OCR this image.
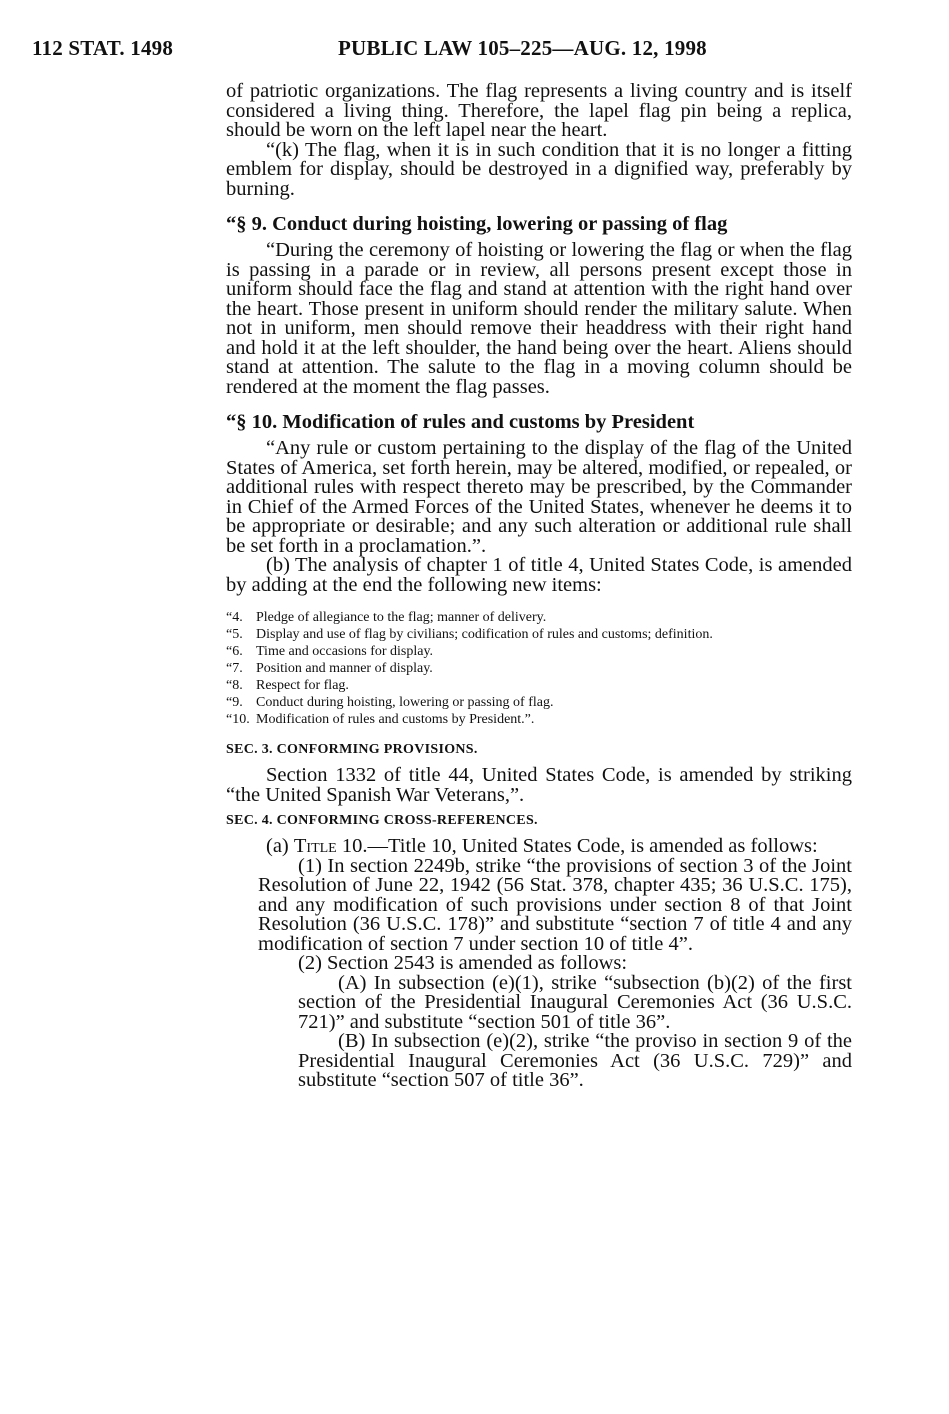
112 STAT. 1498	PUBLIC LAW 105–225—AUG. 12, 1998

of patriotic organizations. The flag represents a living country and is itself considered a living thing. Therefore, the lapel flag pin being a replica, should be worn on the left lapel near the heart.

“(k) The flag, when it is in such condition that it is no longer a fitting emblem for display, should be destroyed in a dignified way, preferably by burning.

“§ 9. Conduct during hoisting, lowering or passing of flag

“During the ceremony of hoisting or lowering the flag or when the flag is passing in a parade or in review, all persons present except those in uniform should face the flag and stand at attention with the right hand over the heart. Those present in uniform should render the military salute. When not in uniform, men should remove their headdress with their right hand and hold it at the left shoulder, the hand being over the heart. Aliens should stand at attention. The salute to the flag in a moving column should be rendered at the moment the flag passes.

“§ 10. Modification of rules and customs by President

“Any rule or custom pertaining to the display of the flag of the United States of America, set forth herein, may be altered, modified, or repealed, or additional rules with respect thereto may be prescribed, by the Commander in Chief of the Armed Forces of the United States, whenever he deems it to be appropriate or desirable; and any such alteration or additional rule shall be set forth in a proclamation.”.

(b) The analysis of chapter 1 of title 4, United States Code, is amended by adding at the end the following new items:

“4. Pledge of allegiance to the flag; manner of delivery.
“5. Display and use of flag by civilians; codification of rules and customs; definition.
“6. Time and occasions for display.
“7. Position and manner of display.
“8. Respect for flag.
“9. Conduct during hoisting, lowering or passing of flag.
“10. Modification of rules and customs by President.”.
SEC. 3. CONFORMING PROVISIONS.

Section 1332 of title 44, United States Code, is amended by striking “the United Spanish War Veterans,”.

SEC. 4. CONFORMING CROSS-REFERENCES.

(a) Title 10.—Title 10, United States Code, is amended as follows:

(1) In section 2249b, strike “the provisions of section 3 of the Joint Resolution of June 22, 1942 (56 Stat. 378, chapter 435; 36 U.S.C. 175), and any modification of such provisions under section 8 of that Joint Resolution (36 U.S.C. 178)” and substitute “section 7 of title 4 and any modification of section 7 under section 10 of title 4”.

(2) Section 2543 is amended as follows:

(A) In subsection (e)(1), strike “subsection (b)(2) of the first section of the Presidential Inaugural Ceremonies Act (36 U.S.C. 721)” and substitute “section 501 of title 36”.

(B) In subsection (e)(2), strike “the proviso in section 9 of the Presidential Inaugural Ceremonies Act (36 U.S.C. 729)” and substitute “section 507 of title 36”.
